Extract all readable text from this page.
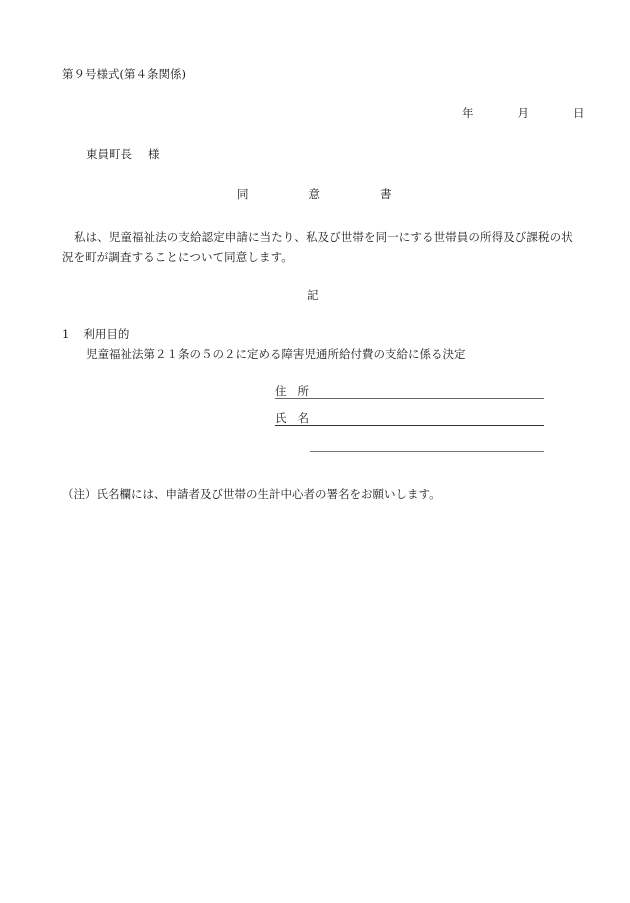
第９号様式(第４条関係)
年	月	日
東員町長 様
同	意	書
私は、児童福祉法の支給認定申請に当たり、私及び世帯を同一にする世帯員の所得及び課税の状況を町が調査することについて同意します。
記
1 利用目的
児童福祉法第２１条の５の２に定める障害児通所給付費の支給に係る決定
住 所
氏 名
（注）氏名欄には、申請者及び世帯の生計中心者の署名をお願いします。
